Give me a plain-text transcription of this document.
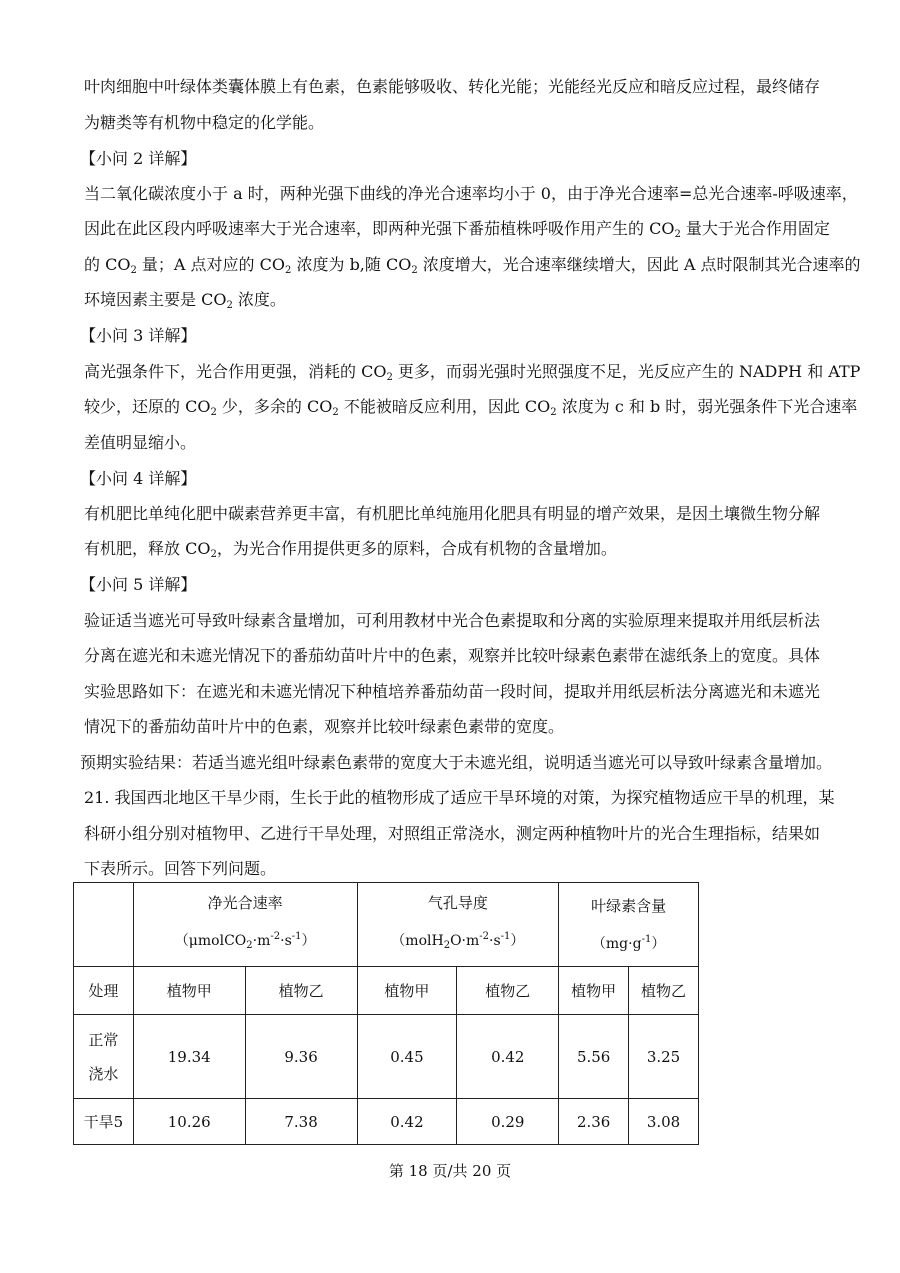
叶肉细胞中叶绿体类囊体膜上有色素，色素能够吸收、转化光能；光能经光反应和暗反应过程，最终储存
为糖类等有机物中稳定的化学能。
【小问 2 详解】
当二氧化碳浓度小于 a 时，两种光强下曲线的净光合速率均小于 0，由于净光合速率=总光合速率-呼吸速率，
因此在此区段内呼吸速率大于光合速率，即两种光强下番茄植株呼吸作用产生的 $CO_2$ 量大于光合作用固定
的 $CO_2$ 量；A 点对应的 $CO_2$ 浓度为 b,随 $CO_2$ 浓度增大，光合速率继续增大，因此 A 点时限制其光合速率的
环境因素主要是 $CO_2$ 浓度。
【小问 3 详解】
高光强条件下，光合作用更强，消耗的 $CO_2$ 更多，而弱光强时光照强度不足，光反应产生的 NADPH 和 ATP
较少，还原的 $CO_2$ 少，多余的 $CO_2$ 不能被暗反应利用，因此 $CO_2$ 浓度为 c 和 b 时，弱光强条件下光合速率
差值明显缩小。
【小问 4 详解】
有机肥比单纯化肥中碳素营养更丰富，有机肥比单纯施用化肥具有明显的增产效果，是因土壤微生物分解
有机肥，释放 $CO_2$，为光合作用提供更多的原料，合成有机物的含量增加。
【小问 5 详解】
验证适当遮光可导致叶绿素含量增加，可利用教材中光合色素提取和分离的实验原理来提取并用纸层析法
分离在遮光和未遮光情况下的番茄幼苗叶片中的色素，观察并比较叶绿素色素带在滤纸条上的宽度。具体
实验思路如下：在遮光和未遮光情况下种植培养番茄幼苗一段时间，提取并用纸层析法分离遮光和未遮光
情况下的番茄幼苗叶片中的色素，观察并比较叶绿素色素带的宽度。
预期实验结果：若适当遮光组叶绿素色素带的宽度大于未遮光组，说明适当遮光可以导致叶绿素含量增加。
21. 我国西北地区干旱少雨，生长于此的植物形成了适应干旱环境的对策，为探究植物适应干旱的机理，某
科研小组分别对植物甲、乙进行干旱处理，对照组正常浇水，测定两种植物叶片的光合生理指标，结果如
下表所示。回答下列问题。

	净光合速率
$(\mu molCO_2\cdot m^{-2}\cdot s^{-1})$		气孔导度
$(molH_2O\cdot m^{-2}\cdot s^{-1})$		叶绿素含量
$(mg\cdot g^{-1})$	

处理	植物甲	植物乙	植物甲	植物乙	植物甲	植物乙
正常
浇水	19.34	9.36	0.45	0.42	5.56	3.25
干旱5	10.26	7.38	0.42	0.29	2.36	3.08
第 18 页/共 20 页
